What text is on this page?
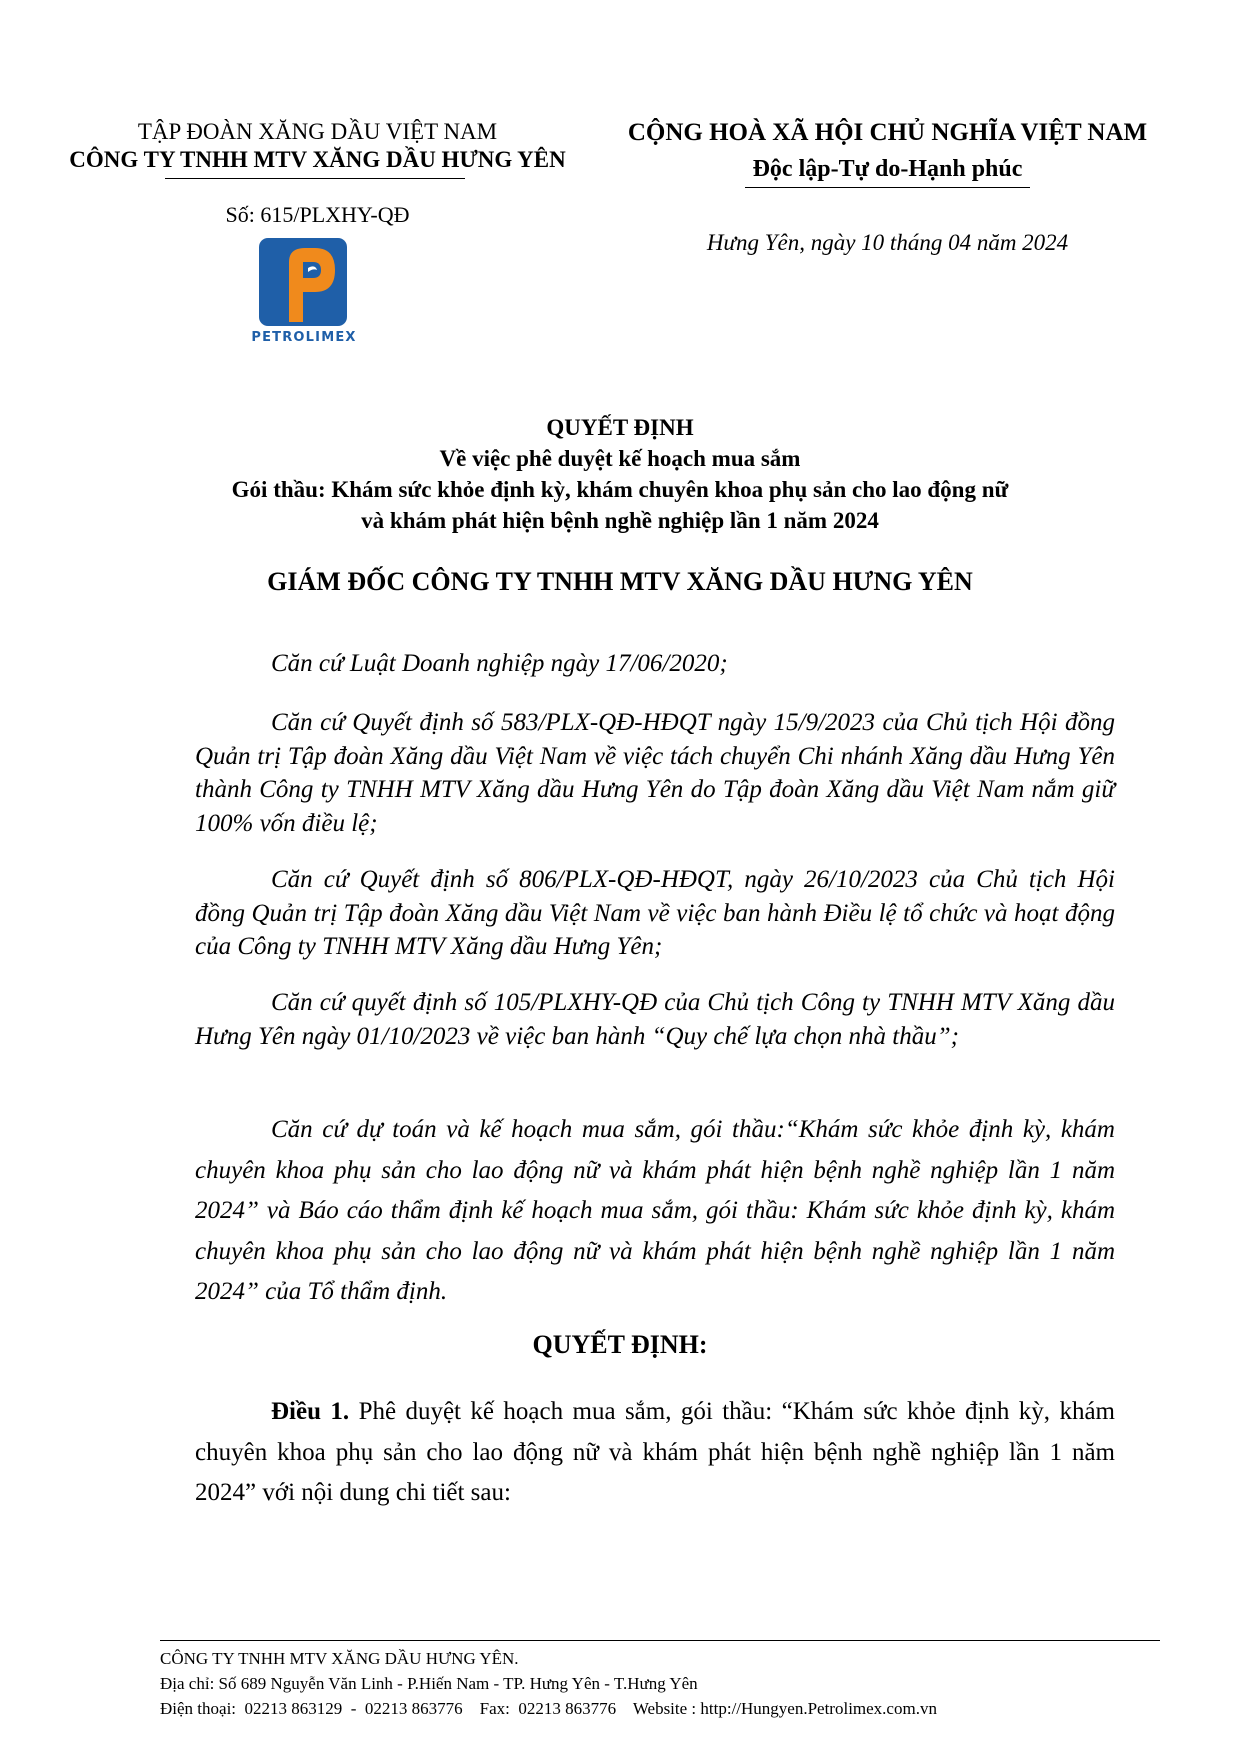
TẬP ĐOÀN XĂNG DẦU VIỆT NAM
CÔNG TY TNHH MTV XĂNG DẦU HƯNG YÊN
Số: 615/PLXHY-QĐ
CỘNG HOÀ XÃ HỘI CHỦ NGHĨA VIỆT NAM
Độc lập-Tự do-Hạnh phúc
Hưng Yên, ngày 10 tháng 04 năm 2024
PETROLIMEX
QUYẾT ĐỊNH
Về việc phê duyệt kế hoạch mua sắm
Gói thầu: Khám sức khỏe định kỳ, khám chuyên khoa phụ sản cho lao động nữ
và khám phát hiện bệnh nghề nghiệp lần 1 năm 2024
GIÁM ĐỐC CÔNG TY TNHH MTV XĂNG DẦU HƯNG YÊN
Căn cứ Luật Doanh nghiệp ngày 17/06/2020;
Căn cứ Quyết định số 583/PLX-QĐ-HĐQT ngày 15/9/2023 của Chủ tịch Hội đồng Quản trị Tập đoàn Xăng dầu Việt Nam về việc tách chuyển Chi nhánh Xăng dầu Hưng Yên thành Công ty TNHH MTV Xăng dầu Hưng Yên do Tập đoàn Xăng dầu Việt Nam nắm giữ 100% vốn điều lệ;
Căn cứ Quyết định số 806/PLX-QĐ-HĐQT, ngày 26/10/2023 của Chủ tịch Hội đồng Quản trị Tập đoàn Xăng dầu Việt Nam về việc ban hành Điều lệ tổ chức và hoạt động của Công ty TNHH MTV Xăng dầu Hưng Yên;
Căn cứ quyết định số 105/PLXHY-QĐ của Chủ tịch Công ty TNHH MTV Xăng dầu Hưng Yên ngày 01/10/2023 về việc ban hành “Quy chế lựa chọn nhà thầu”;
Căn cứ dự toán và kế hoạch mua sắm, gói thầu:“Khám sức khỏe định kỳ, khám chuyên khoa phụ sản cho lao động nữ và khám phát hiện bệnh nghề nghiệp lần 1 năm 2024” và Báo cáo thẩm định kế hoạch mua sắm, gói thầu: Khám sức khỏe định kỳ, khám chuyên khoa phụ sản cho lao động nữ và khám phát hiện bệnh nghề nghiệp lần 1 năm 2024” của Tổ thẩm định.
QUYẾT ĐỊNH:
Điều 1. Phê duyệt kế hoạch mua sắm, gói thầu: “Khám sức khỏe định kỳ, khám chuyên khoa phụ sản cho lao động nữ và khám phát hiện bệnh nghề nghiệp lần 1 năm 2024” với nội dung chi tiết sau:
CÔNG TY TNHH MTV XĂNG DẦU HƯNG YÊN.
Địa chỉ: Số 689 Nguyễn Văn Linh - P.Hiến Nam - TP. Hưng Yên - T.Hưng Yên
Điện thoại:  02213 863129  -  02213 863776    Fax:  02213 863776    Website : http://Hungyen.Petrolimex.com.vn
